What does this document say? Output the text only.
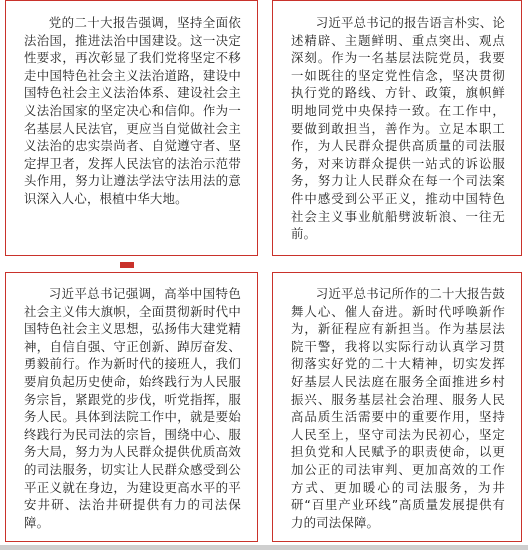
党的二十大报告强调，坚持全面依法治国，推进法治中国建设。这一决定性要求，再次彰显了我们党将坚定不移走中国特色社会主义法治道路，建设中国特色社会主义法治体系、建设社会主义法治国家的坚定决心和信仰。作为一名基层人民法官，更应当自觉做社会主义法治的忠实崇尚者、自觉遵守者、坚定捍卫者，发挥人民法官的法治示范带头作用，努力让遵法学法守法用法的意识深入人心，根植中华大地。

习近平总书记的报告语言朴实、论述精辟、主题鲜明、重点突出、观点深刻。作为一名基层法院党员，我要一如既往的坚定党性信念，坚决贯彻执行党的路线、方针、政策，旗帜鲜明地同党中央保持一致。在工作中，要做到敢担当，善作为。立足本职工作，为人民群众提供高质量的司法服务，对来访群众提供一站式的诉讼服务，努力让人民群众在每一个司法案件中感受到公平正义，推动中国特色社会主义事业航船劈波斩浪、一往无前。

习近平总书记强调，高举中国特色社会主义伟大旗帜，全面贯彻新时代中国特色社会主义思想，弘扬伟大建党精神，自信自强、守正创新、踔厉奋发、勇毅前行。作为新时代的接班人，我们要肩负起历史使命，始终践行为人民服务宗旨，紧跟党的步伐，听党指挥，服务人民。具体到法院工作中，就是要始终践行为民司法的宗旨，围绕中心、服务大局，努力为人民群众提供优质高效的司法服务，切实让人民群众感受到公平正义就在身边，为建设更高水平的平安井研、法治井研提供有力的司法保障。

习近平总书记所作的二十大报告鼓舞人心、催人奋进。新时代呼唤新作为，新征程应有新担当。作为基层法院干警，我将以实际行动认真学习贯彻落实好党的二十大精神，切实发挥好基层人民法庭在服务全面推进乡村振兴、服务基层社会治理、服务人民高品质生活需要中的重要作用，坚持人民至上，坚守司法为民初心，坚定担负党和人民赋予的职责使命，以更加公正的司法审判、更加高效的工作方式、更加暖心的司法服务，为井研“百里产业环线”高质量发展提供有力的司法保障。
